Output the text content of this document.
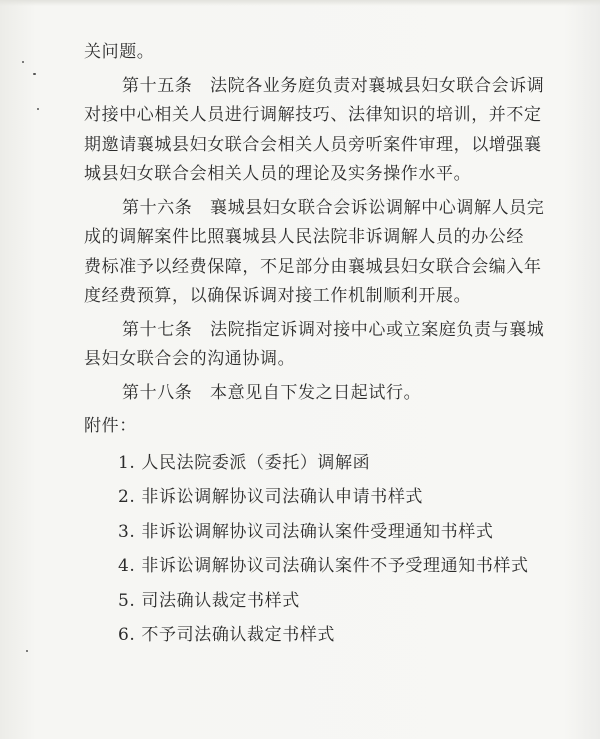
关问题。
第十五条　法院各业务庭负责对襄城县妇女联合会诉调
对接中心相关人员进行调解技巧、法律知识的培训，并不定
期邀请襄城县妇女联合会相关人员旁听案件审理，以增强襄
城县妇女联合会相关人员的理论及实务操作水平。
第十六条　襄城县妇女联合会诉讼调解中心调解人员完
成的调解案件比照襄城县人民法院非诉调解人员的办公经
费标准予以经费保障，不足部分由襄城县妇女联合会编入年
度经费预算，以确保诉调对接工作机制顺利开展。
第十七条　法院指定诉调对接中心或立案庭负责与襄城
县妇女联合会的沟通协调。
第十八条　本意见自下发之日起试行。
附件：
1. 人民法院委派（委托）调解函
2. 非诉讼调解协议司法确认申请书样式
3. 非诉讼调解协议司法确认案件受理通知书样式
4. 非诉讼调解协议司法确认案件不予受理通知书样式
5. 司法确认裁定书样式
6. 不予司法确认裁定书样式
